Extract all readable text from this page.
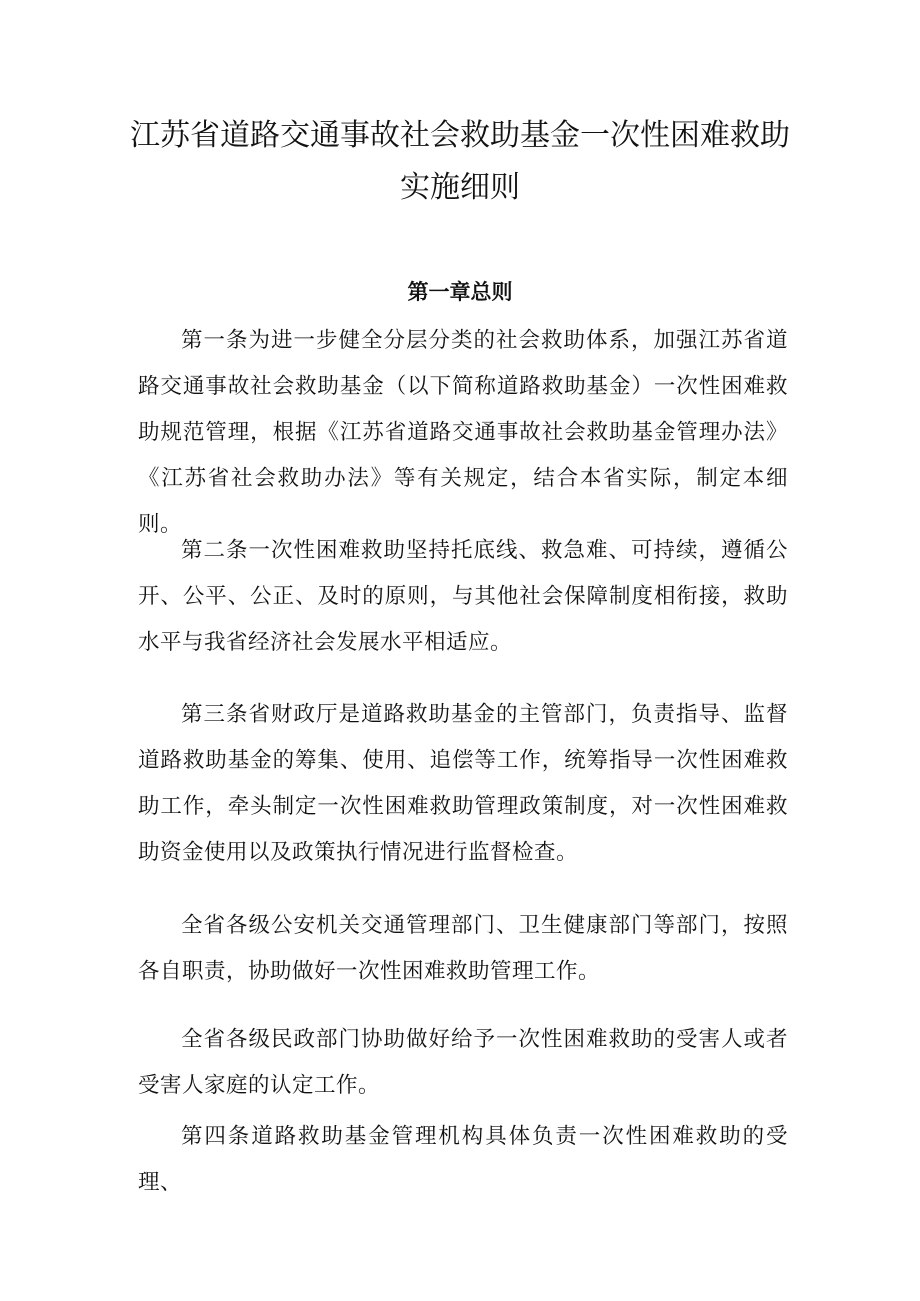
江苏省道路交通事故社会救助基金一次性困难救助
实施细则
第一章总则

第一条为进一步健全分层分类的社会救助体系，加强江苏省道路交通事故社会救助基金（以下简称道路救助基金）一次性困难救助规范管理，根据《江苏省道路交通事故社会救助基金管理办法》《江苏省社会救助办法》等有关规定，结合本省实际，制定本细则。

第二条一次性困难救助坚持托底线、救急难、可持续，遵循公开、公平、公正、及时的原则，与其他社会保障制度相衔接，救助水平与我省经济社会发展水平相适应。

第三条省财政厅是道路救助基金的主管部门，负责指导、监督道路救助基金的筹集、使用、追偿等工作，统筹指导一次性困难救助工作，牵头制定一次性困难救助管理政策制度，对一次性困难救助资金使用以及政策执行情况进行监督检查。

全省各级公安机关交通管理部门、卫生健康部门等部门，按照各自职责，协助做好一次性困难救助管理工作。

全省各级民政部门协助做好给予一次性困难救助的受害人或者受害人家庭的认定工作。

第四条道路救助基金管理机构具体负责一次性困难救助的受理、
